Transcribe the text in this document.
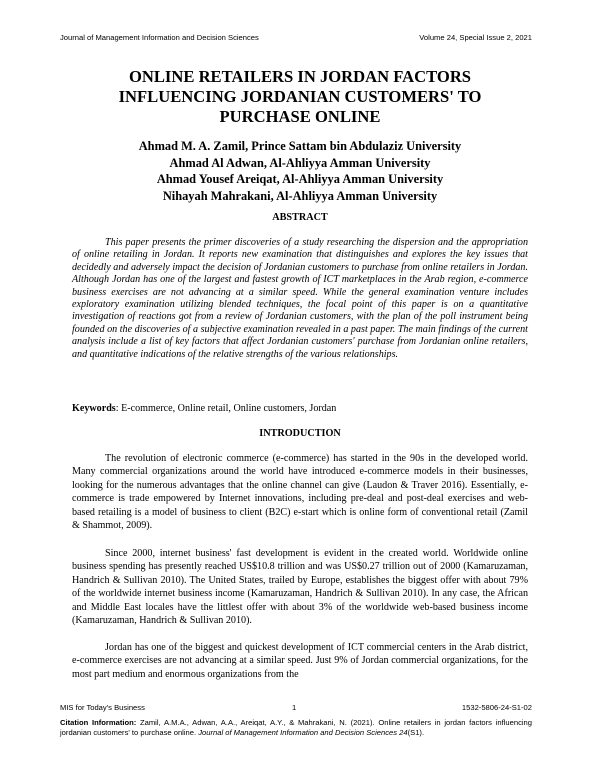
Journal of Management Information and Decision Sciences	Volume 24, Special Issue 2, 2021
ONLINE RETAILERS IN JORDAN FACTORS
INFLUENCING JORDANIAN CUSTOMERS' TO
PURCHASE ONLINE
Ahmad M. A. Zamil, Prince Sattam bin Abdulaziz University
Ahmad Al Adwan, Al-Ahliyya Amman University
Ahmad Yousef Areiqat, Al-Ahliyya Amman University
Nihayah Mahrakani, Al-Ahliyya Amman University
ABSTRACT

This paper presents the primer discoveries of a study researching the dispersion and the appropriation of online retailing in Jordan. It reports new examination that distinguishes and explores the key issues that decidedly and adversely impact the decision of Jordanian customers to purchase from online retailers in Jordan. Although Jordan has one of the largest and fastest growth of ICT marketplaces in the Arab region, e-commerce business exercises are not advancing at a similar speed. While the general examination venture includes exploratory examination utilizing blended techniques, the focal point of this paper is on a quantitative investigation of reactions got from a review of Jordanian customers, with the plan of the poll instrument being founded on the discoveries of a subjective examination revealed in a past paper. The main findings of the current analysis include a list of key factors that affect Jordanian customers' purchase from Jordanian online retailers, and quantitative indications of the relative strengths of the various relationships.

Keywords: E-commerce, Online retail, Online customers, Jordan

INTRODUCTION

The revolution of electronic commerce (e-commerce) has started in the 90s in the developed world. Many commercial organizations around the world have introduced e-commerce models in their businesses, looking for the numerous advantages that the online channel can give (Laudon & Traver 2016). Essentially, e-commerce is trade empowered by Internet innovations, including pre-deal and post-deal exercises and web-based retailing is a model of business to client (B2C) e-start which is online form of conventional retail (Zamil & Shammot, 2009).

Since 2000, internet business' fast development is evident in the created world. Worldwide online business spending has presently reached US$10.8 trillion and was US$0.27 trillion out of 2000 (Kamaruzaman, Handrich & Sullivan 2010). The United States, trailed by Europe, establishes the biggest offer with about 79% of the worldwide internet business income (Kamaruzaman, Handrich & Sullivan 2010). In any case, the African and Middle East locales have the littlest offer with about 3% of the worldwide web-based business income (Kamaruzaman, Handrich & Sullivan 2010).

Jordan has one of the biggest and quickest development of ICT commercial centers in the Arab district, e-commerce exercises are not advancing at a similar speed. Just 9% of Jordan commercial organizations, for the most part medium and enormous organizations from the

MIS for Today's Business	1	1532-5806-24-S1-02

Citation Information: Zamil, A.M.A., Adwan, A.A., Areiqat, A.Y., & Mahrakani, N. (2021). Online retailers in jordan factors influencing jordanian customers' to purchase online. Journal of Management Information and Decision Sciences 24(S1).
